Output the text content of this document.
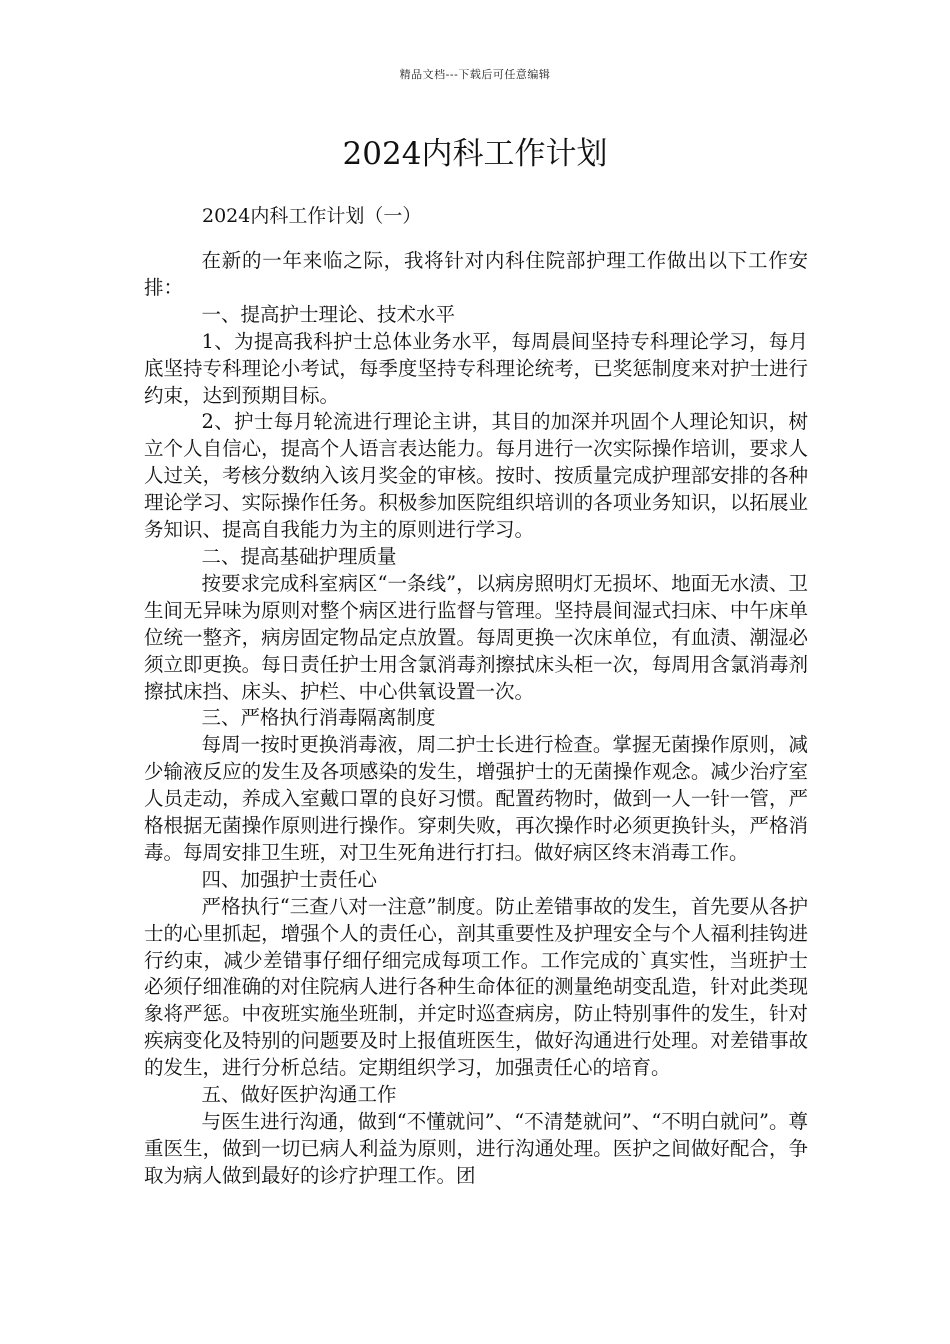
精品文档---下载后可任意编辑
2024内科工作计划

2024内科工作计划（一）

在新的一年来临之际，我将针对内科住院部护理工作做出以下工作安排：

一、提高护士理论、技术水平

1、为提高我科护士总体业务水平，每周晨间坚持专科理论学习，每月底坚持专科理论小考试，每季度坚持专科理论统考，已奖惩制度来对护士进行约束，达到预期目标。

2、护士每月轮流进行理论主讲，其目的加深并巩固个人理论知识，树立个人自信心，提高个人语言表达能力。每月进行一次实际操作培训，要求人人过关，考核分数纳入该月奖金的审核。按时、按质量完成护理部安排的各种理论学习、实际操作任务。积极参加医院组织培训的各项业务知识，以拓展业务知识、提高自我能力为主的原则进行学习。

二、提高基础护理质量

按要求完成科室病区“一条线”，以病房照明灯无损坏、地面无水渍、卫生间无异味为原则对整个病区进行监督与管理。坚持晨间湿式扫床、中午床单位统一整齐，病房固定物品定点放置。每周更换一次床单位，有血渍、潮湿必须立即更换。每日责任护士用含氯消毒剂擦拭床头柜一次，每周用含氯消毒剂擦拭床挡、床头、护栏、中心供氧设置一次。

三、严格执行消毒隔离制度

每周一按时更换消毒液，周二护士长进行检查。掌握无菌操作原则，减少输液反应的发生及各项感染的发生，增强护士的无菌操作观念。减少治疗室人员走动，养成入室戴口罩的良好习惯。配置药物时，做到一人一针一管，严格根据无菌操作原则进行操作。穿刺失败，再次操作时必须更换针头，严格消毒。每周安排卫生班，对卫生死角进行打扫。做好病区终末消毒工作。

四、加强护士责任心

严格执行“三查八对一注意”制度。防止差错事故的发生，首先要从各护士的心里抓起，增强个人的责任心，剖其重要性及护理安全与个人福利挂钩进行约束，减少差错事仔细仔细完成每项工作。工作完成的`真实性，当班护士必须仔细准确的对住院病人进行各种生命体征的测量绝胡变乱造，针对此类现象将严惩。中夜班实施坐班制，并定时巡查病房，防止特别事件的发生，针对疾病变化及特别的问题要及时上报值班医生，做好沟通进行处理。对差错事故的发生，进行分析总结。定期组织学习，加强责任心的培育。

五、做好医护沟通工作

与医生进行沟通，做到“不懂就问”、“不清楚就问”、“不明白就问”。尊重医生，做到一切已病人利益为原则，进行沟通处理。医护之间做好配合，争取为病人做到最好的诊疗护理工作。团
